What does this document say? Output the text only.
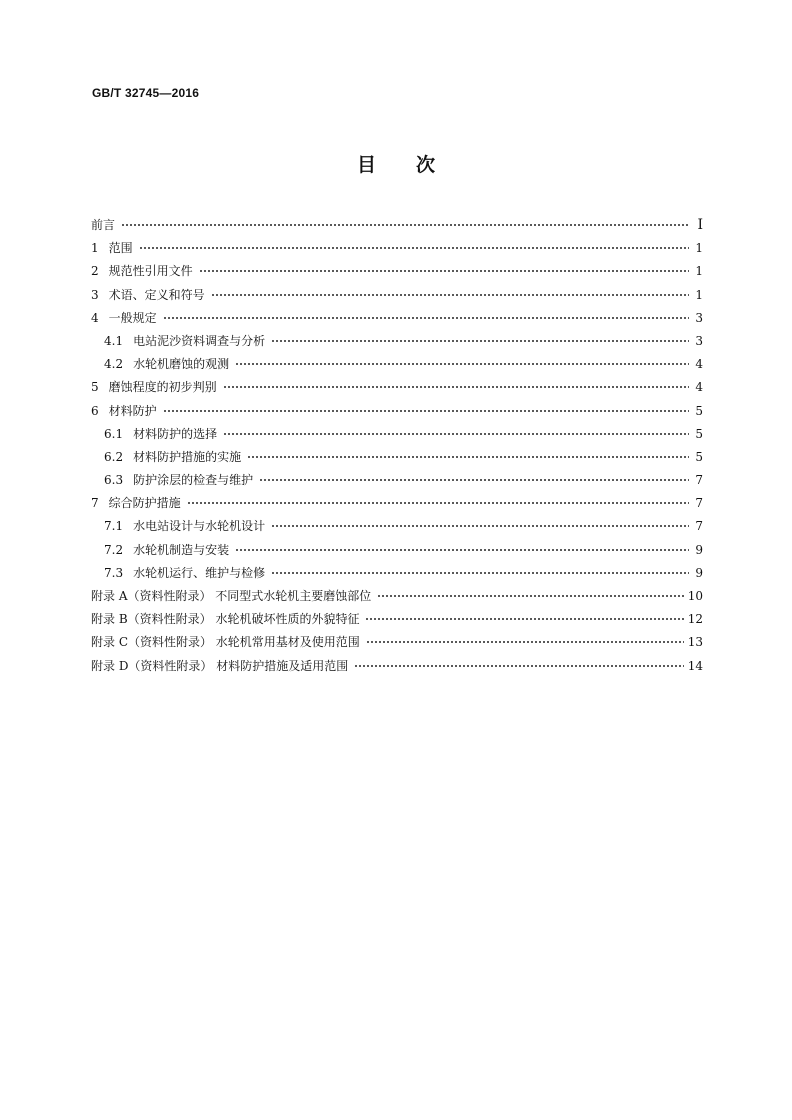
GB/T 32745—2016
目 次
前言	I
1 范围	1
2 规范性引用文件	1
3 术语、定义和符号	1
4 一般规定	3
4.1 电站泥沙资料调查与分析	3
4.2 水轮机磨蚀的观测	4
5 磨蚀程度的初步判别	4
6 材料防护	5
6.1 材料防护的选择	5
6.2 材料防护措施的实施	5
6.3 防护涂层的检查与维护	7
7 综合防护措施	7
7.1 水电站设计与水轮机设计	7
7.2 水轮机制造与安装	9
7.3 水轮机运行、维护与检修	9
附录 A（资料性附录） 不同型式水轮机主要磨蚀部位	10
附录 B（资料性附录） 水轮机破坏性质的外貌特征	12
附录 C（资料性附录） 水轮机常用基材及使用范围	13
附录 D（资料性附录） 材料防护措施及适用范围	14
